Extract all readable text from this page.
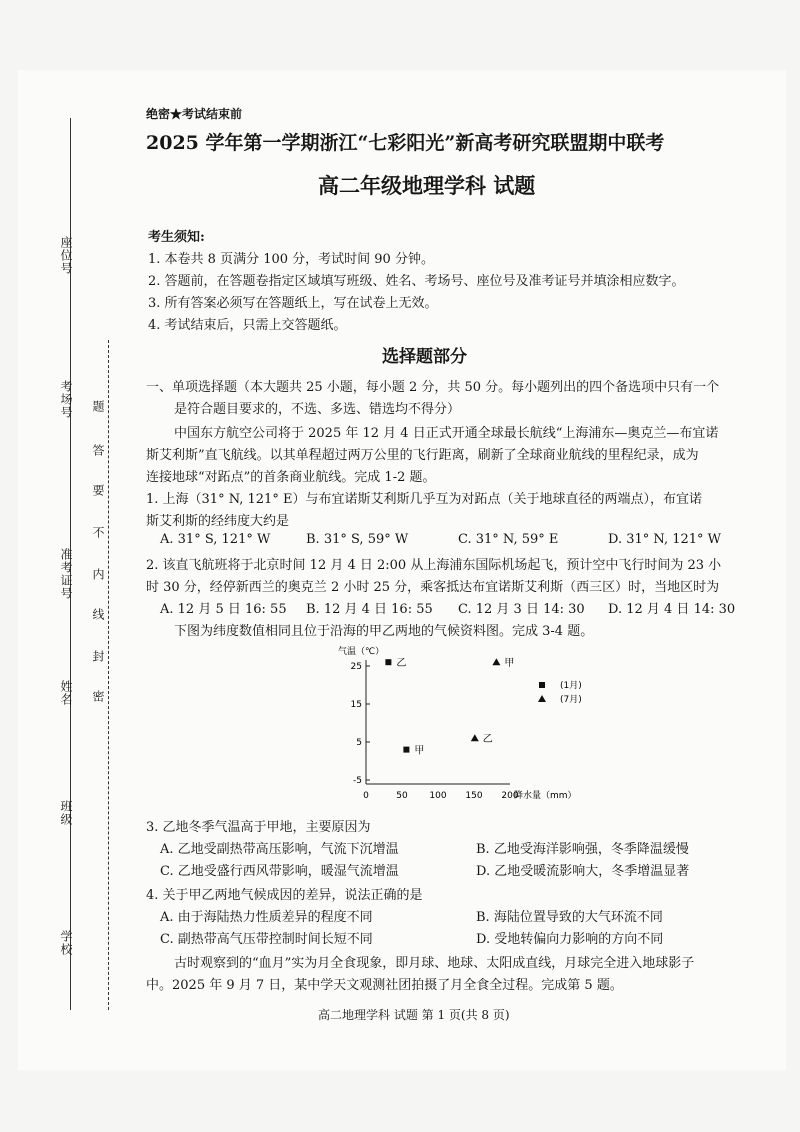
座位号
考场号
准考证号
姓名
班级
学校
题
答
要
不
内
线
封
密
绝密★考试结束前
2025 学年第一学期浙江“七彩阳光”新高考研究联盟期中联考
高二年级地理学科 试题
考生须知:
1. 本卷共 8 页满分 100 分，考试时间 90 分钟。
2. 答题前，在答题卷指定区域填写班级、姓名、考场号、座位号及准考证号并填涂相应数字。
3. 所有答案必须写在答题纸上，写在试卷上无效。
4. 考试结束后，只需上交答题纸。
选择题部分
一、单项选择题（本大题共 25 小题，每小题 2 分，共 50 分。每小题列出的四个备选项中只有一个
是符合题目要求的，不选、多选、错选均不得分）
中国东方航空公司将于 2025 年 12 月 4 日正式开通全球最长航线“上海浦东—奥克兰—布宜诺
斯艾利斯”直飞航线。以其单程超过两万公里的飞行距离，刷新了全球商业航线的里程纪录，成为
连接地球“对跖点”的首条商业航线。完成 1-2 题。
1. 上海（31° N, 121° E）与布宜诺斯艾利斯几乎互为对跖点（关于地球直径的两端点），布宜诺
斯艾利斯的经纬度大约是
A. 31° S, 121° W	B. 31° S, 59° W	C. 31° N, 59° E	D. 31° N, 121° W
2. 该直飞航班将于北京时间 12 月 4 日 2:00 从上海浦东国际机场起飞，预计空中飞行时间为 23 小
时 30 分，经停新西兰的奥克兰 2 小时 25 分，乘客抵达布宜诺斯艾利斯（西三区）时，当地区时为
A. 12 月 5 日 16: 55 B. 12 月 4 日 16: 55 C. 12 月 3 日 14: 30 D. 12 月 4 日 14: 30
下图为纬度数值相同且位于沿海的甲乙两地的气候资料图。完成 3-4 题。
气温（℃）
降水量（mm）
25
15
5
-5
0	50 100 150 200
乙
甲
甲
乙
(1月)
(7月)
3. 乙地冬季气温高于甲地，主要原因为
A. 乙地受副热带高压影响，气流下沉增温	B. 乙地受海洋影响强，冬季降温缓慢
C. 乙地受盛行西风带影响，暖湿气流增温	D. 乙地受暖流影响大，冬季增温显著
4. 关于甲乙两地气候成因的差异，说法正确的是
A. 由于海陆热力性质差异的程度不同	B. 海陆位置导致的大气环流不同
C. 副热带高气压带控制时间长短不同	D. 受地转偏向力影响的方向不同
古时观察到的“血月”实为月全食现象，即月球、地球、太阳成直线，月球完全进入地球影子
中。2025 年 9 月 7 日，某中学天文观测社团拍摄了月全食全过程。完成第 5 题。
高二地理学科 试题 第 1 页(共 8 页)
